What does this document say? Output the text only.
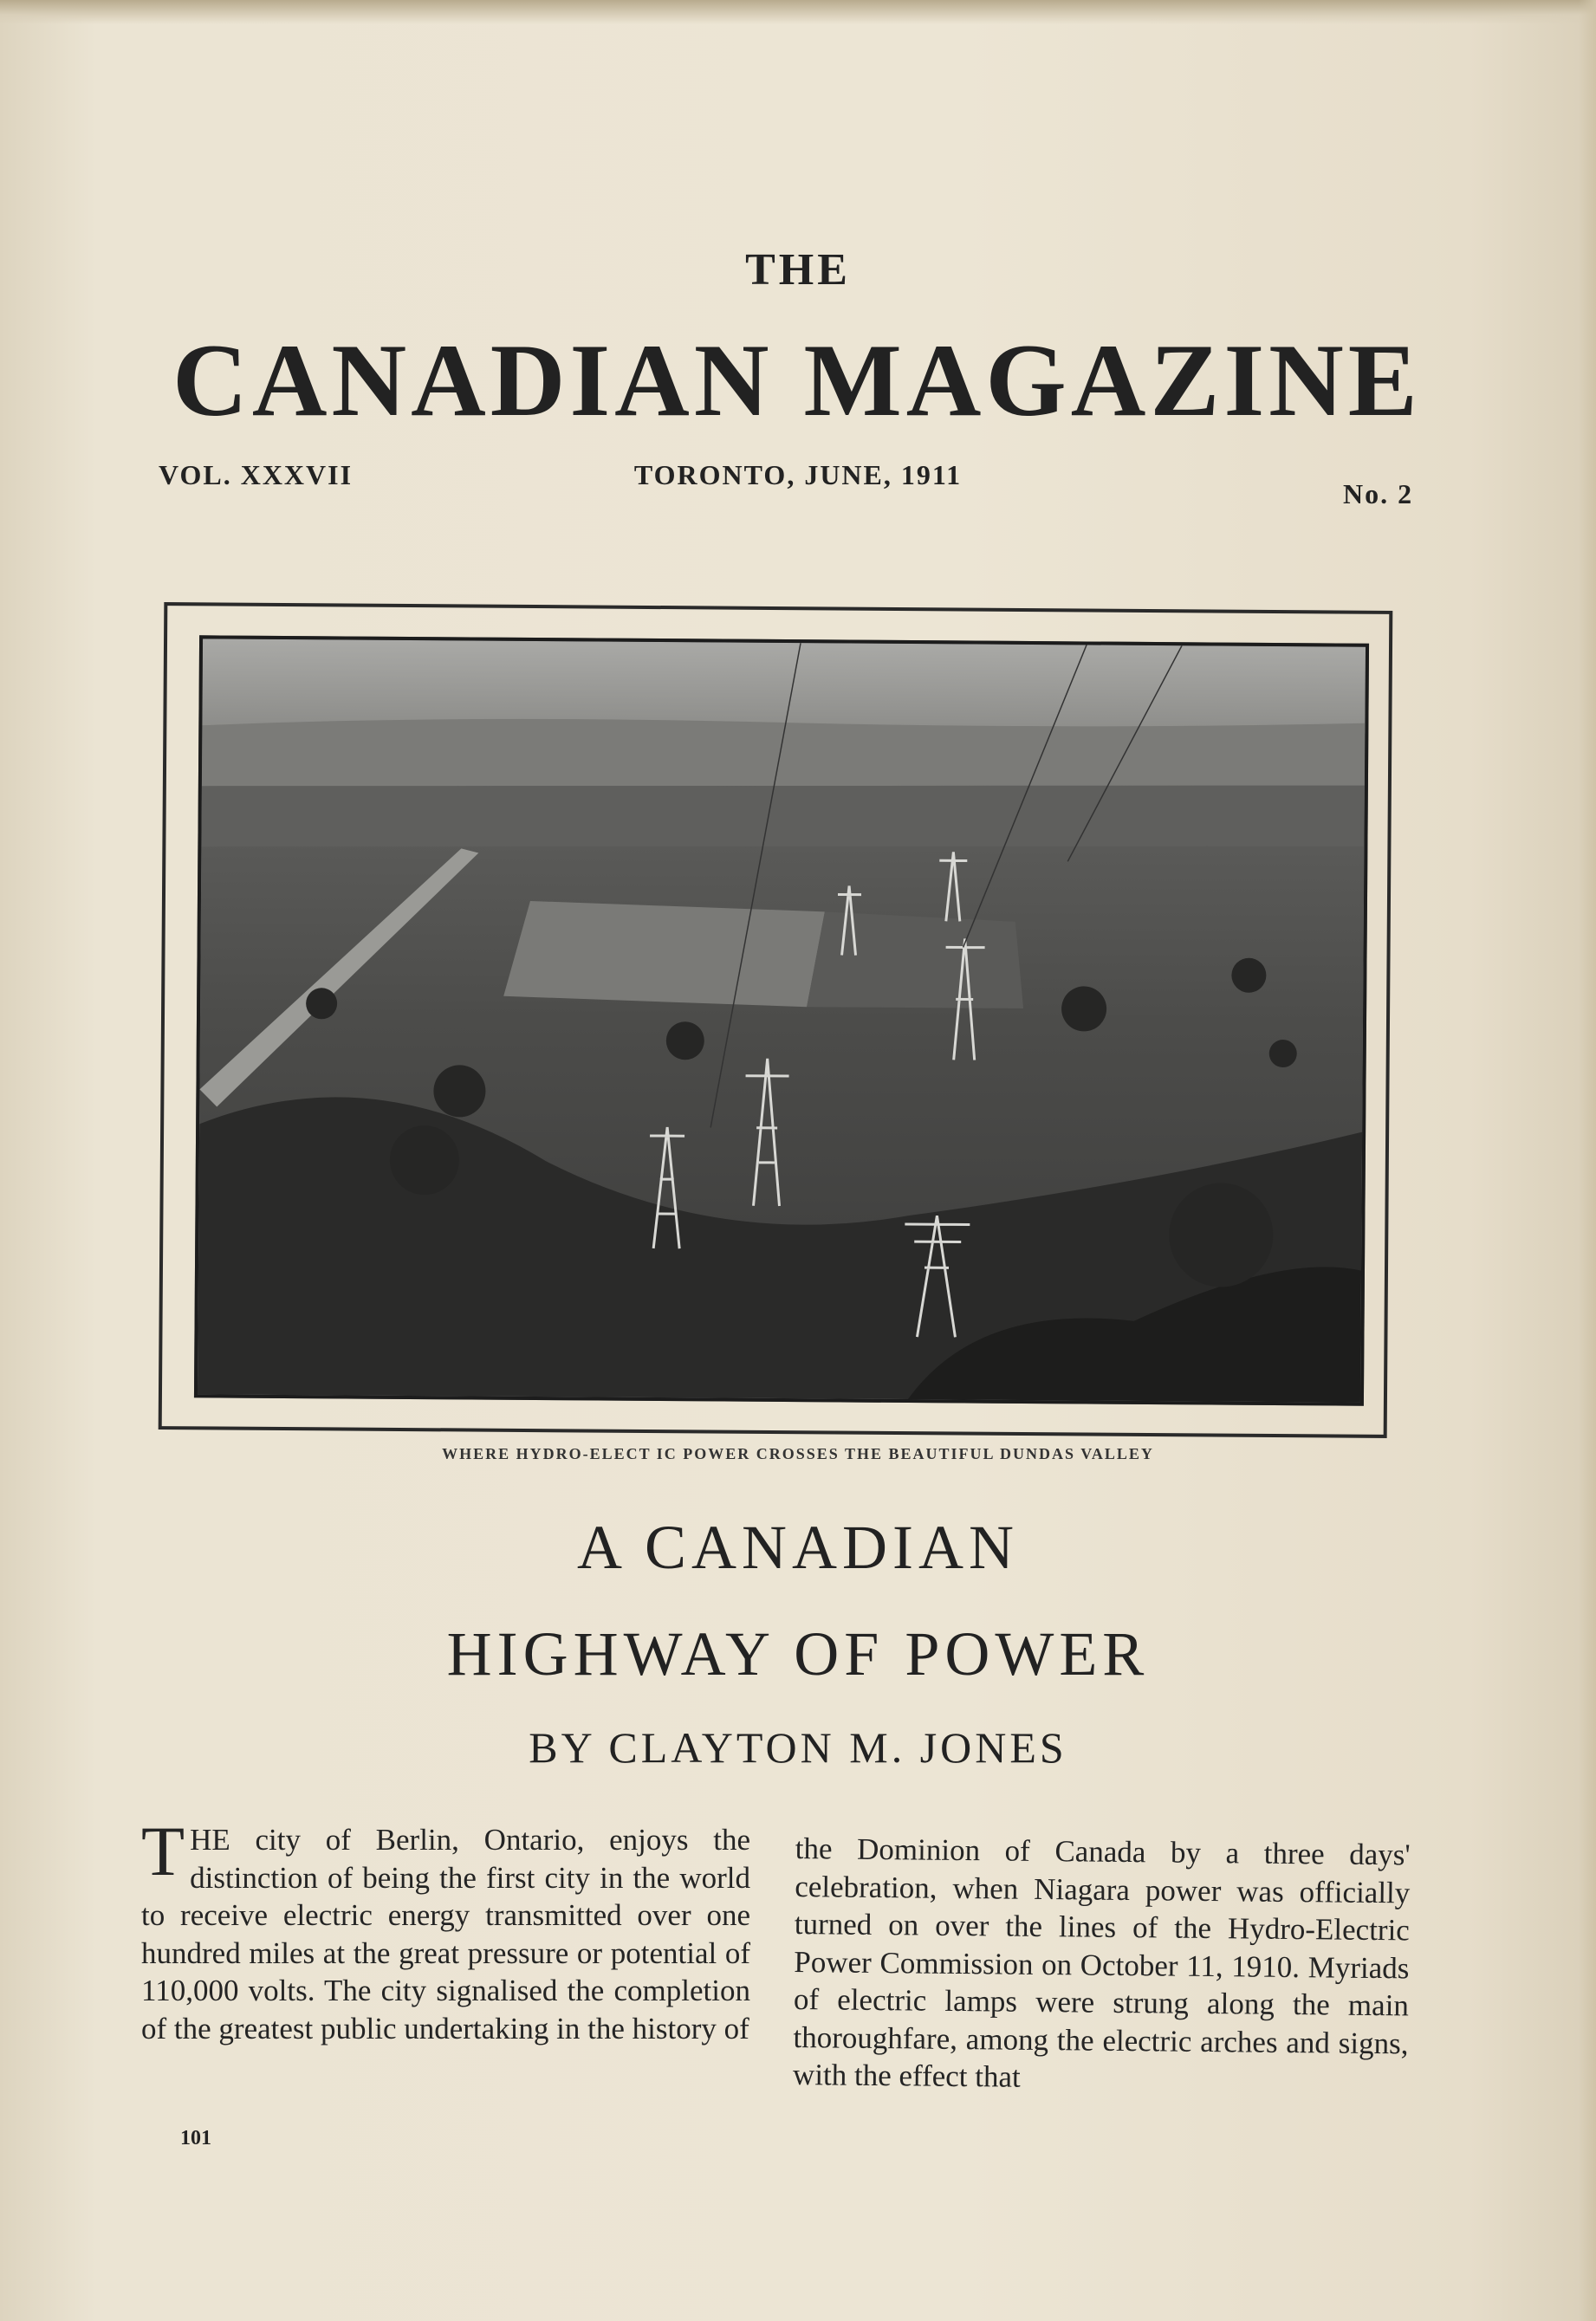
THE
CANADIAN MAGAZINE
VOL. XXXVII	TORONTO, JUNE, 1911
No. 2
WHERE HYDRO-ELECT IC POWER CROSSES THE BEAUTIFUL DUNDAS VALLEY
A CANADIAN
HIGHWAY OF POWER
BY CLAYTON M. JONES
THE city of Berlin, Ontario, enjoys the distinction of being the first city in the world to receive electric energy transmitted over one hundred miles at the great pressure or potential of 110,000 volts. The city signalised the completion of the greatest public undertaking in the history of
the Dominion of Canada by a three days' celebration, when Niagara power was officially turned on over the lines of the Hydro-Electric Power Commission on October 11, 1910. Myriads of electric lamps were strung along the main thoroughfare, among the electric arches and signs, with the effect that
101
